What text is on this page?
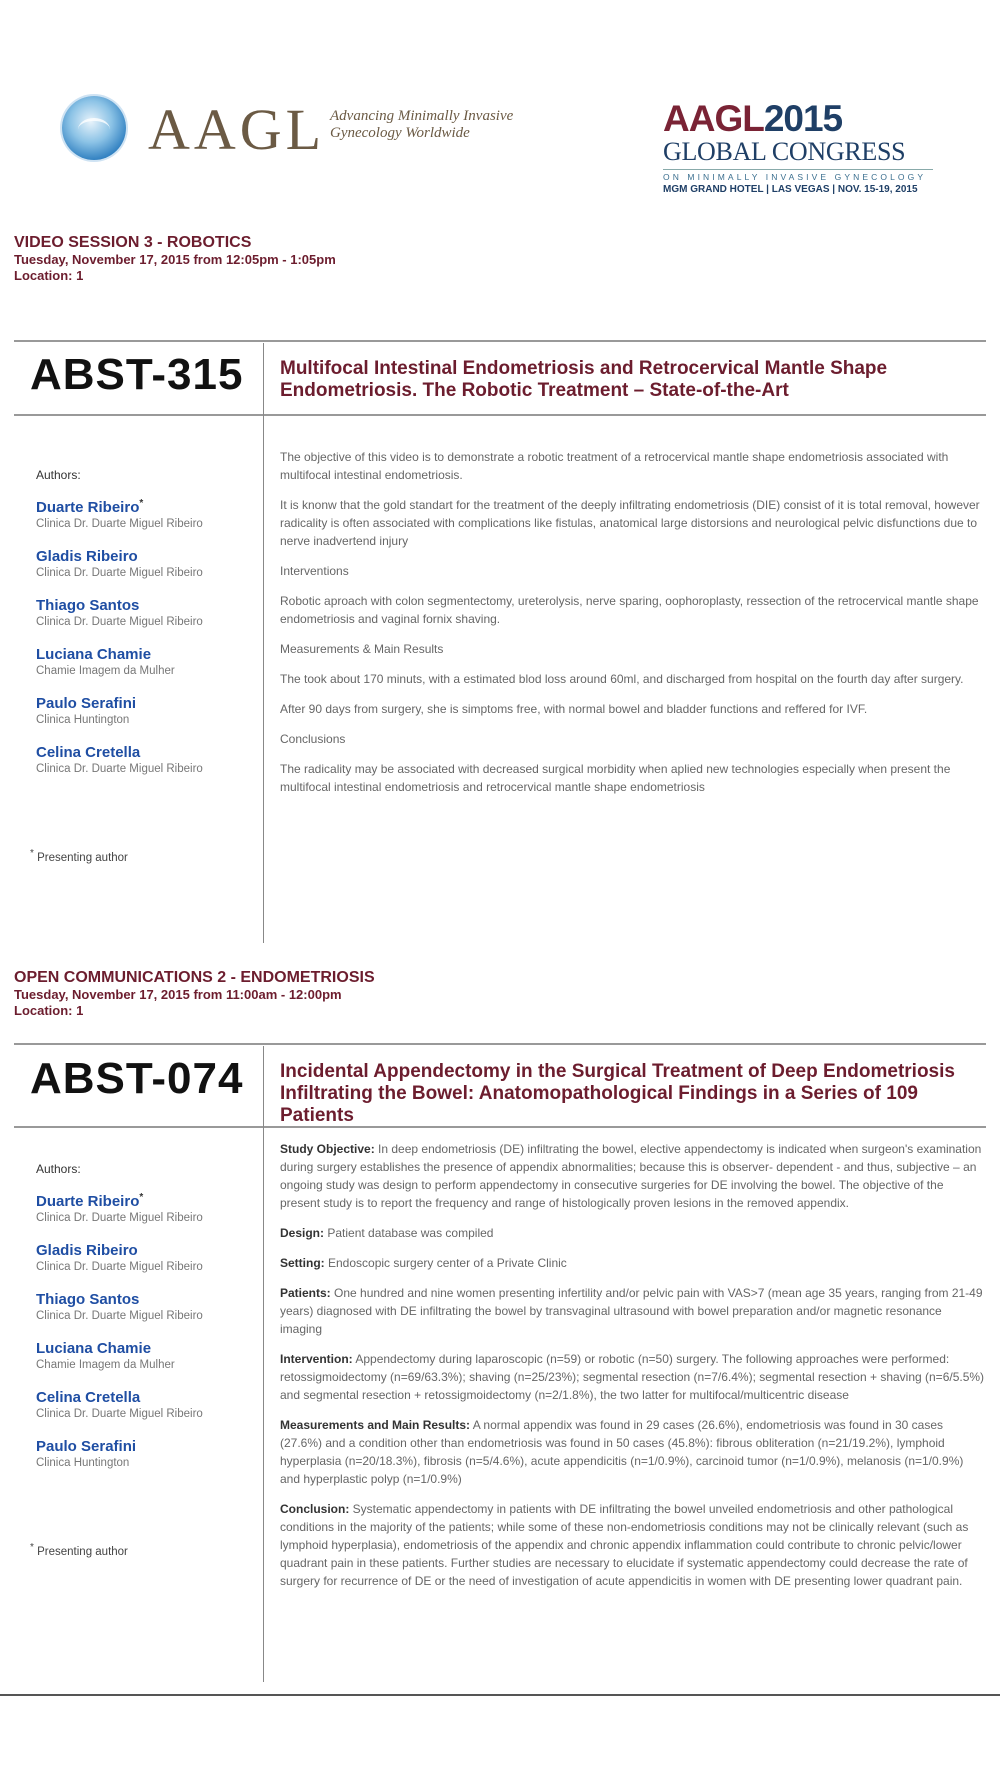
AAGL Advancing Minimally Invasive
Gynecology Worldwide	AAGL2015
GLOBAL CONGRESS
ON MINIMALLY INVASIVE GYNECOLOGY
MGM GRAND HOTEL | LAS VEGAS | NOV. 15-19, 2015
VIDEO SESSION 3 - ROBOTICS
Tuesday, November 17, 2015 from 12:05pm - 1:05pm
Location: 1
ABST-315 Multifocal Intestinal Endometriosis and Retrocervical Mantle Shape Endometriosis. The Robotic Treatment – State-of-the-Art
Authors:
Duarte Ribeiro*
Clinica Dr. Duarte Miguel Ribeiro
Gladis Ribeiro
Clinica Dr. Duarte Miguel Ribeiro
Thiago Santos
Clinica Dr. Duarte Miguel Ribeiro
Luciana Chamie
Chamie Imagem da Mulher
Paulo Serafini
Clinica Huntington
Celina Cretella
Clinica Dr. Duarte Miguel Ribeiro
* Presenting author

The objective of this video is to demonstrate a robotic treatment of a retrocervical mantle shape endometriosis associated with multifocal intestinal endometriosis.

It is knonw that the gold standart for the treatment of the deeply infiltrating endometriosis (DIE) consist of it is total removal, however radicality is often associated with complications like fistulas, anatomical large distorsions and neurological pelvic disfunctions due to nerve inadvertend injury

Interventions

Robotic aproach with colon segmentectomy, ureterolysis, nerve sparing, oophoroplasty, ressection of the retrocervical mantle shape endometriosis and vaginal fornix shaving.

Measurements & Main Results

The took about 170 minuts, with a estimated blod loss around 60ml, and discharged from hospital on the fourth day after surgery.

After 90 days from surgery, she is simptoms free, with normal bowel and bladder functions and reffered for IVF.

Conclusions

The radicality may be associated with decreased surgical morbidity when aplied new technologies especially when present the multifocal intestinal endometriosis and retrocervical mantle shape endometriosis

OPEN COMMUNICATIONS 2 - ENDOMETRIOSIS
Tuesday, November 17, 2015 from 11:00am - 12:00pm
Location: 1
ABST-074 Incidental Appendectomy in the Surgical Treatment of Deep Endometriosis Infiltrating the Bowel: Anatomopathological Findings in a Series of 109 Patients
Authors:
Duarte Ribeiro*
Clinica Dr. Duarte Miguel Ribeiro
Gladis Ribeiro
Clinica Dr. Duarte Miguel Ribeiro
Thiago Santos
Clinica Dr. Duarte Miguel Ribeiro
Luciana Chamie
Chamie Imagem da Mulher
Celina Cretella
Clinica Dr. Duarte Miguel Ribeiro
Paulo Serafini
Clinica Huntington
* Presenting author

Study Objective: In deep endometriosis (DE) infiltrating the bowel, elective appendectomy is indicated when surgeon's examination during surgery establishes the presence of appendix abnormalities; because this is observer- dependent - and thus, subjective – an ongoing study was design to perform appendectomy in consecutive surgeries for DE involving the bowel. The objective of the present study is to report the frequency and range of histologically proven lesions in the removed appendix.

Design: Patient database was compiled

Setting: Endoscopic surgery center of a Private Clinic

Patients: One hundred and nine women presenting infertility and/or pelvic pain with VAS>7 (mean age 35 years, ranging from 21-49 years) diagnosed with DE infiltrating the bowel by transvaginal ultrasound with bowel preparation and/or magnetic resonance imaging

Intervention: Appendectomy during laparoscopic (n=59) or robotic (n=50) surgery. The following approaches were performed: retossigmoidectomy (n=69/63.3%); shaving (n=25/23%); segmental resection (n=7/6.4%); segmental resection + shaving (n=6/5.5%) and segmental resection + retossigmoidectomy (n=2/1.8%), the two latter for multifocal/multicentric disease

Measurements and Main Results: A normal appendix was found in 29 cases (26.6%), endometriosis was found in 30 cases (27.6%) and a condition other than endometriosis was found in 50 cases (45.8%): fibrous obliteration (n=21/19.2%), lymphoid hyperplasia (n=20/18.3%), fibrosis (n=5/4.6%), acute appendicitis (n=1/0.9%), carcinoid tumor (n=1/0.9%), melanosis (n=1/0.9%) and hyperplastic polyp (n=1/0.9%)

Conclusion: Systematic appendectomy in patients with DE infiltrating the bowel unveiled endometriosis and other pathological conditions in the majority of the patients; while some of these non-endometriosis conditions may not be clinically relevant (such as lymphoid hyperplasia), endometriosis of the appendix and chronic appendix inflammation could contribute to chronic pelvic/lower quadrant pain in these patients. Further studies are necessary to elucidate if systematic appendectomy could decrease the rate of surgery for recurrence of DE or the need of investigation of acute appendicitis in women with DE presenting lower quadrant pain.
